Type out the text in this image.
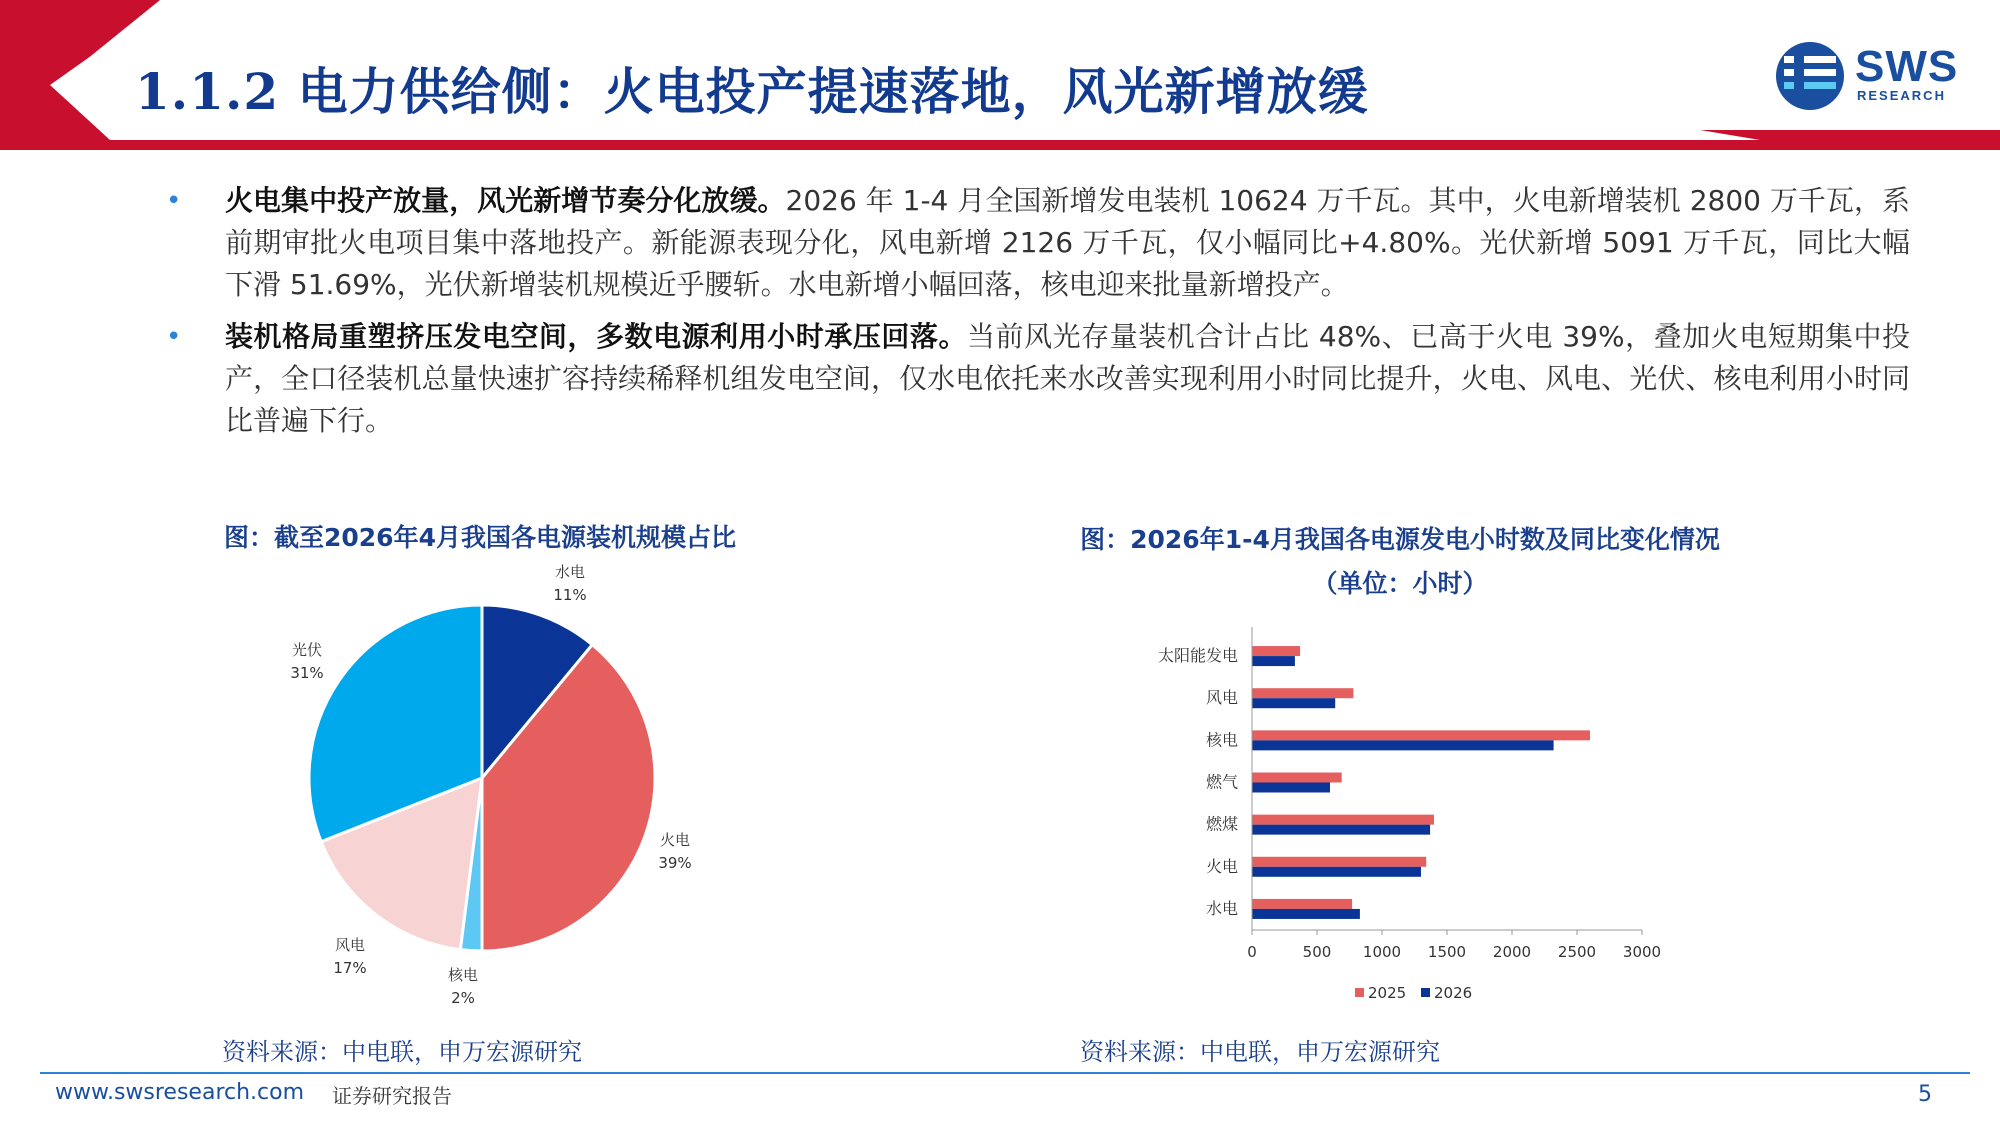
1.1.2 电力供给侧：火电投产提速落地，风光新增放缓	SWS
RESEARCH
• 火电集中投产放量，风光新增节奏分化放缓。2026 年 1-4 月全国新增发电装机 10624 万千瓦。其中，火电新增装机 2800 万千瓦，系前期审批火电项目集中落地投产。新能源表现分化，风电新增 2126 万千瓦，仅小幅同比+4.80%。光伏新增 5091 万千瓦，同比大幅下滑 51.69%，光伏新增装机规模近乎腰斩。水电新增小幅回落，核电迎来批量新增投产。
• 装机格局重塑挤压发电空间，多数电源利用小时承压回落。当前风光存量装机合计占比 48%、已高于火电 39%，叠加火电短期集中投产，全口径装机总量快速扩容持续稀释机组发电空间，仅水电依托来水改善实现利用小时同比提升，火电、风电、光伏、核电利用小时同比普遍下行。
图：截至2026年4月我国各电源装机规模占比	图：2026年1-4月我国各电源发电小时数及同比变化情况
（单位：小时）
水电
11%
火电
39%
核电
2%
风电
17%
光伏
31%
太阳能发电
风电
核电
燃气
燃煤
火电
水电
0	500 1000 1500 2000 2500 3000
2025 2026
资料来源：中电联，申万宏源研究	资料来源：中电联，申万宏源研究
www.swsresearch.com 证券研究报告	5
